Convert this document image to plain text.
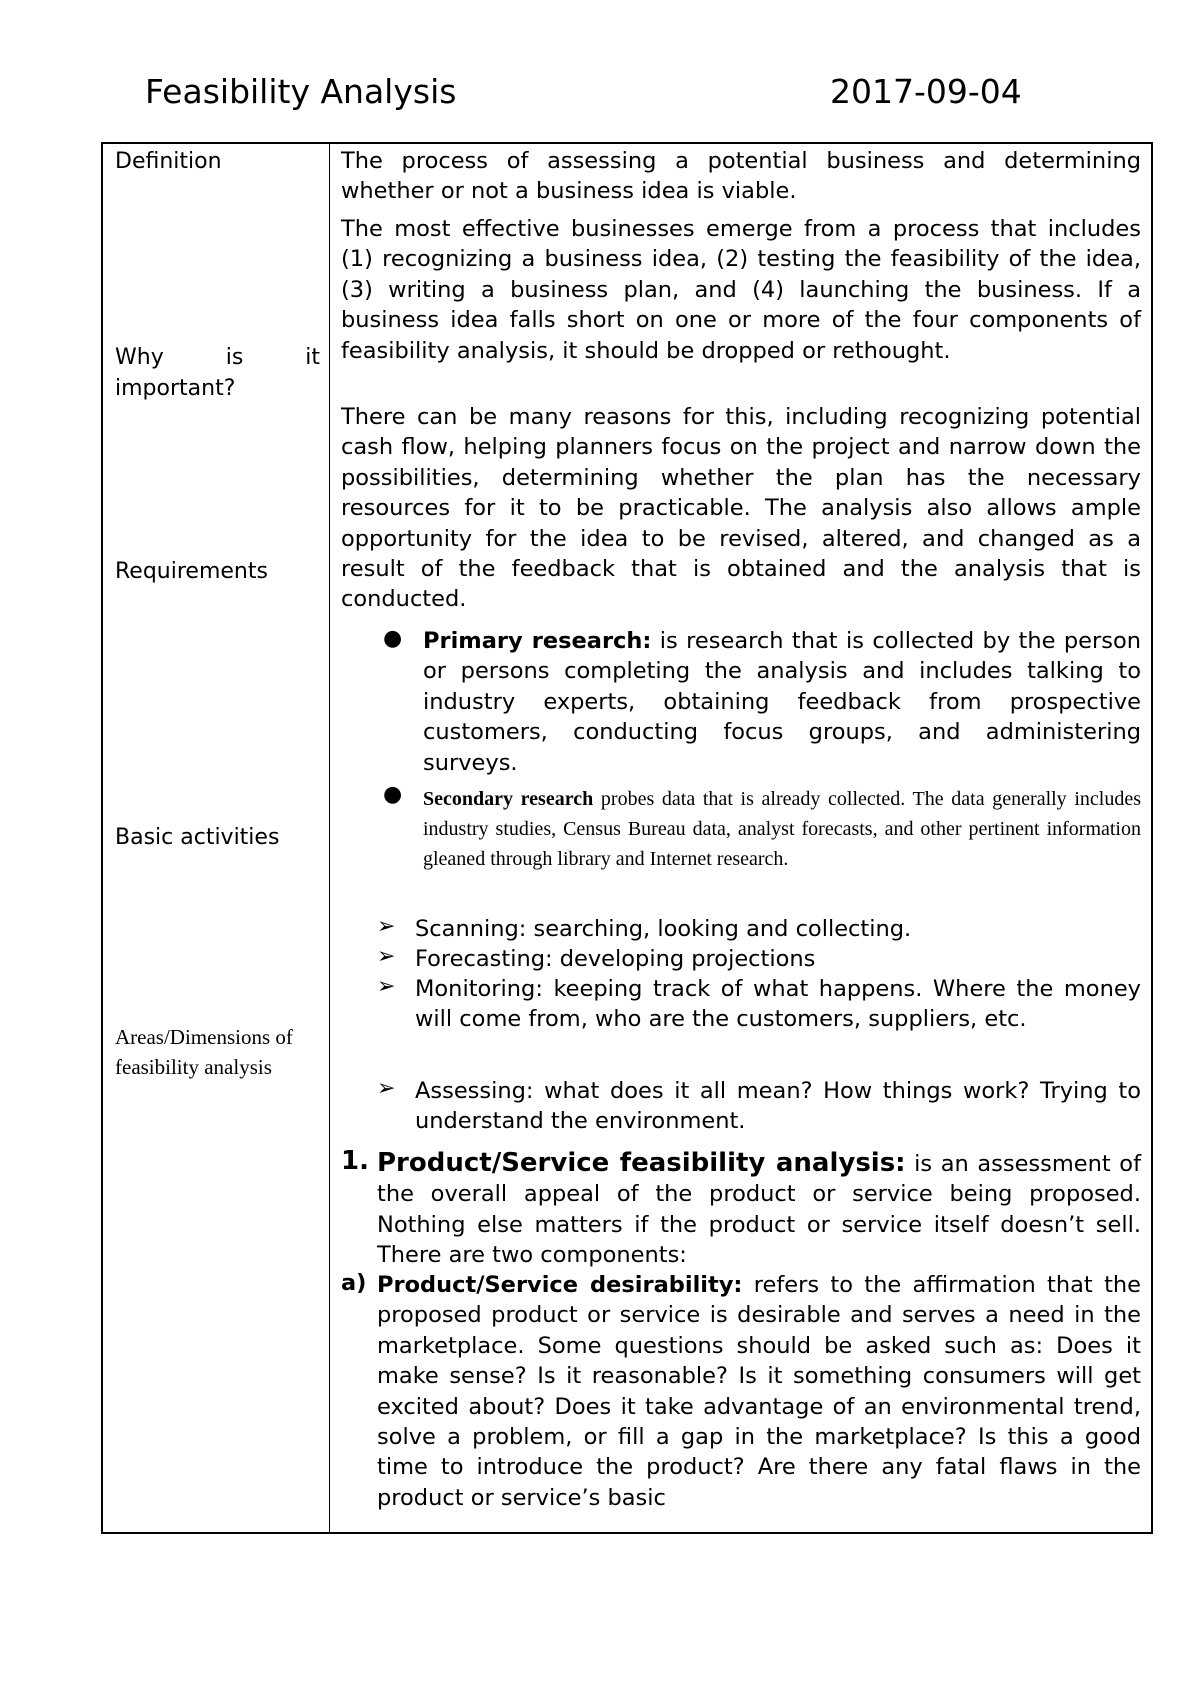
Feasibility Analysis	2017-09-04
Definition
Why is it important?
Requirements
Basic activities
Areas/Dimensions of feasibility analysis
The process of assessing a potential business and determining whether or not a business idea is viable.
The most effective businesses emerge from a process that includes (1) recognizing a business idea, (2) testing the feasibility of the idea, (3) writing a business plan, and (4) launching the business. If a business idea falls short on one or more of the four components of feasibility analysis, it should be dropped or rethought.
There can be many reasons for this, including recognizing potential cash flow, helping planners focus on the project and narrow down the possibilities, determining whether the plan has the necessary resources for it to be practicable. The analysis also allows ample opportunity for the idea to be revised, altered, and changed as a result of the feedback that is obtained and the analysis that is conducted.
● Primary research: is research that is collected by the person or persons completing the analysis and includes talking to industry experts, obtaining feedback from prospective customers, conducting focus groups, and administering surveys.
● Secondary research probes data that is already collected. The data generally includes industry studies, Census Bureau data, analyst forecasts, and other pertinent information gleaned through library and Internet research.
➢ Scanning: searching, looking and collecting.
➢ Forecasting: developing projections
➢ Monitoring: keeping track of what happens. Where the money will come from, who are the customers, suppliers, etc.
➢ Assessing: what does it all mean? How things work? Trying to understand the environment.
1. Product/Service feasibility analysis: is an assessment of the overall appeal of the product or service being proposed. Nothing else matters if the product or service itself doesn’t sell. There are two components:
a) Product/Service desirability: refers to the affirmation that the proposed product or service is desirable and serves a need in the marketplace. Some questions should be asked such as: Does it make sense? Is it reasonable? Is it something consumers will get excited about? Does it take advantage of an environmental trend, solve a problem, or fill a gap in the marketplace? Is this a good time to introduce the product? Are there any fatal flaws in the product or service’s basic
